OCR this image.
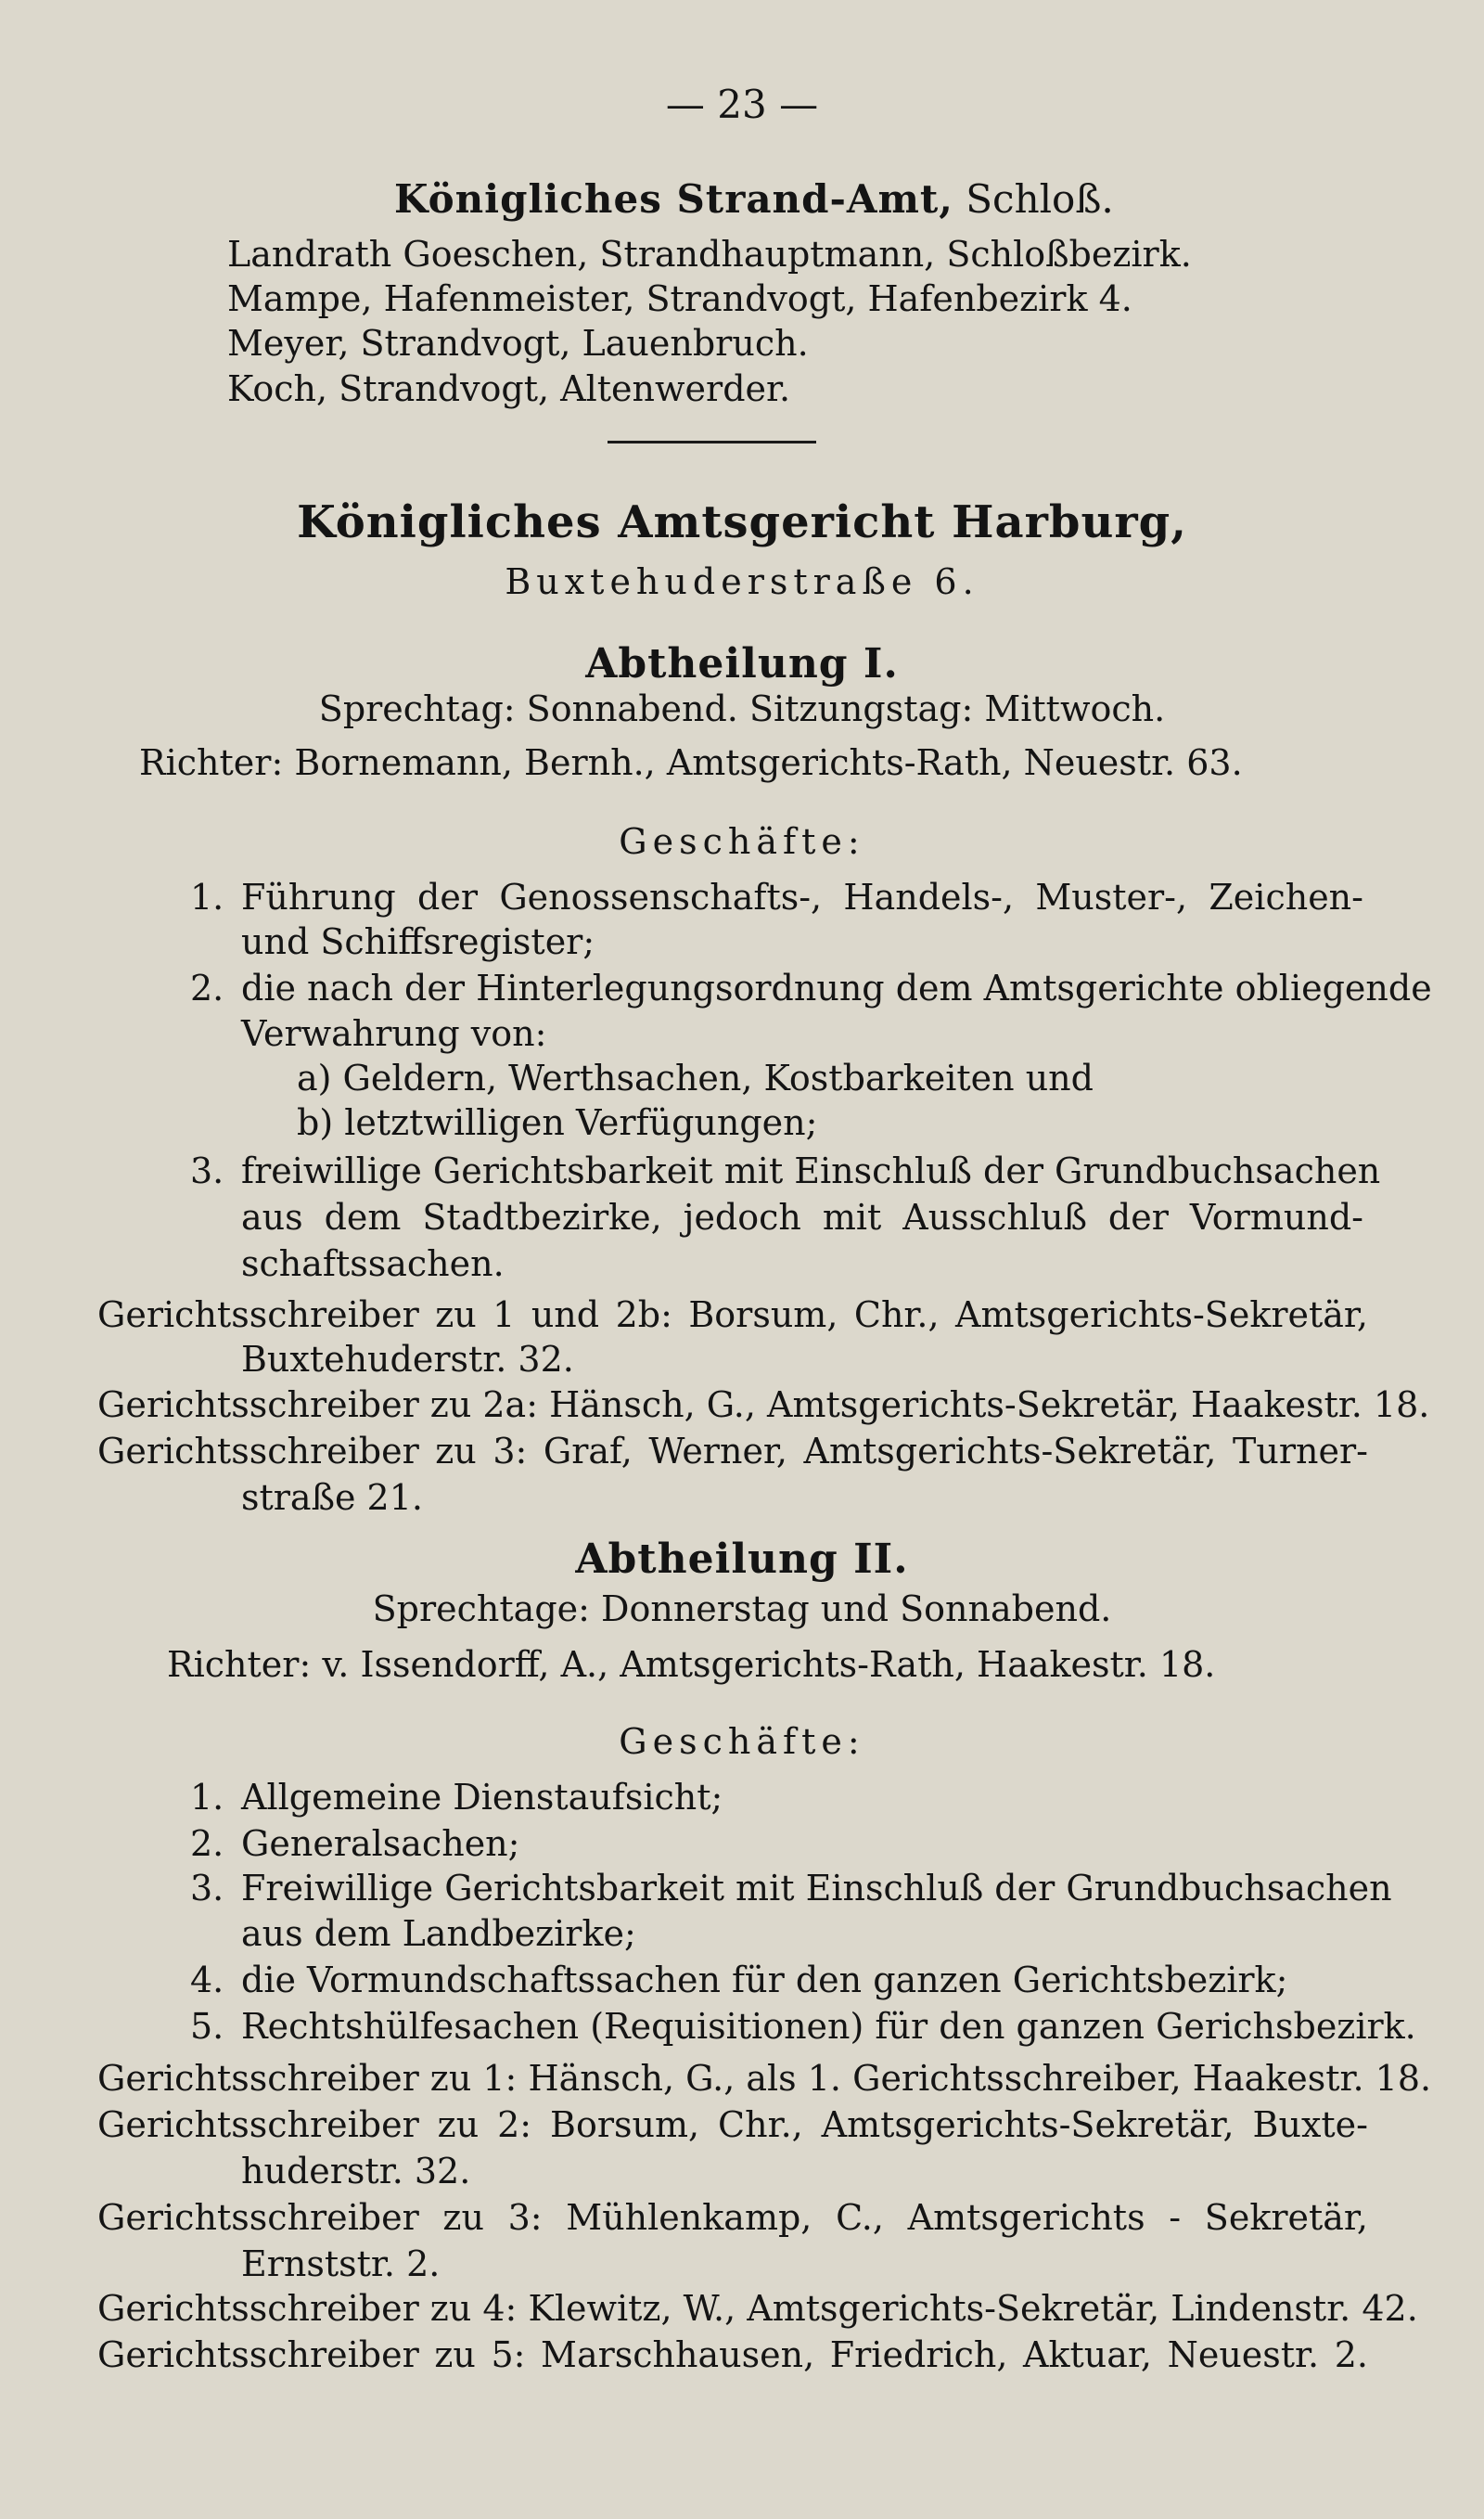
— 23 —
Königliches Strand-Amt, Schloß.
Landrath Goeschen, Strandhauptmann, Schloßbezirk.
Mampe, Hafenmeister, Strandvogt, Hafenbezirk 4.
Meyer, Strandvogt, Lauenbruch.
Koch, Strandvogt, Altenwerder.
Königliches Amtsgericht Harburg,
Buxtehuderstraße 6.
Abtheilung I.
Sprechtag: Sonnabend. Sitzungstag: Mittwoch.
Richter: Bornemann, Bernh., Amtsgerichts-Rath, Neuestr. 63.
Geschäfte:
1. Führung der Genossenschafts-, Handels-, Muster-, Zeichen-
und Schiffsregister;
2. die nach der Hinterlegungsordnung dem Amtsgerichte obliegende
Verwahrung von:
a) Geldern, Werthsachen, Kostbarkeiten und
b) letztwilligen Verfügungen;
3. freiwillige Gerichtsbarkeit mit Einschluß der Grundbuchsachen
aus dem Stadtbezirke, jedoch mit Ausschluß der Vormund-
schaftssachen.
Gerichtsschreiber zu 1 und 2b: Borsum, Chr., Amtsgerichts-Sekretär,
Buxtehuderstr. 32.
Gerichtsschreiber zu 2a: Hänsch, G., Amtsgerichts-Sekretär, Haakestr. 18.
Gerichtsschreiber zu 3: Graf, Werner, Amtsgerichts-Sekretär, Turner-
straße 21.
Abtheilung II.
Sprechtage: Donnerstag und Sonnabend.
Richter: v. Issendorff, A., Amtsgerichts-Rath, Haakestr. 18.
Geschäfte:
1. Allgemeine Dienstaufsicht;
2. Generalsachen;
3. Freiwillige Gerichtsbarkeit mit Einschluß der Grundbuchsachen
aus dem Landbezirke;
4. die Vormundschaftssachen für den ganzen Gerichtsbezirk;
5. Rechtshülfesachen (Requisitionen) für den ganzen Gerichsbezirk.
Gerichtsschreiber zu 1: Hänsch, G., als 1. Gerichtsschreiber, Haakestr. 18.
Gerichtsschreiber zu 2: Borsum, Chr., Amtsgerichts-Sekretär, Buxte-
huderstr. 32.
Gerichtsschreiber zu 3: Mühlenkamp, C., Amtsgerichts - Sekretär,
Ernststr. 2.
Gerichtsschreiber zu 4: Klewitz, W., Amtsgerichts-Sekretär, Lindenstr. 42.
Gerichtsschreiber zu 5: Marschhausen, Friedrich, Aktuar, Neuestr. 2.
